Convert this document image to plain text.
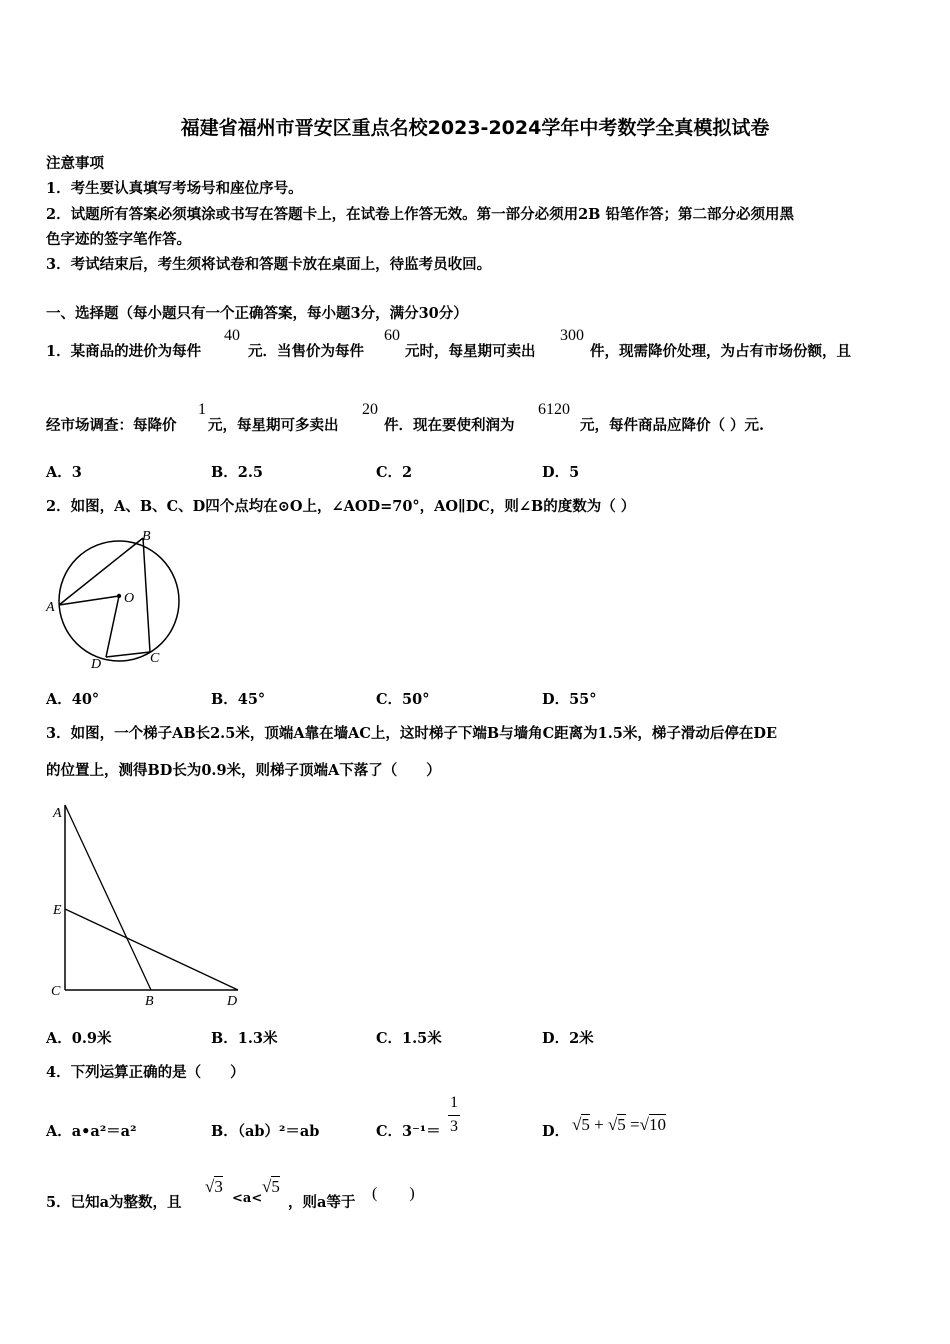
福建省福州市晋安区重点名校2023-2024学年中考数学全真模拟试卷
注意事项
1．考生要认真填写考场号和座位序号。
2．试题所有答案必须填涂或书写在答题卡上，在试卷上作答无效。第一部分必须用2B 铅笔作答；第二部分必须用黑
色字迹的签字笔作答。
3．考试结束后，考生须将试卷和答题卡放在桌面上，待监考员收回。
一、选择题（每小题只有一个正确答案，每小题3分，满分30分）
1．某商品的进价为每件
40
元．当售价为每件
60
元时，每星期可卖出
300
件，现需降价处理，为占有市场份额，且
经市场调查：每降价
1
元，每星期可多卖出
20
件．现在要使利润为
6120
元，每件商品应降价（ ）元.
A．3	B．2.5	C．2	D．5
2．如图，A、B、C、D四个点均在⊙O上，∠AOD=70°，AO∥DC，则∠B的度数为（ ）
A
B
C
D
O
A．40°	B．45°	C．50°	D．55°
3．如图，一个梯子AB长2.5米，顶端A靠在墙AC上，这时梯子下端B与墙角C距离为1.5米，梯子滑动后停在DE
的位置上，测得BD长为0.9米，则梯子顶端A下落了（　　）
A
E
C
B	D
A．0.9米	B．1.3米	C．1.5米	D．2米
4．下列运算正确的是（　　）
A．a•a²＝a²	B．（ab）²＝ab	C．3⁻¹＝
1
3	D． √5 + √5 =√10
5．已知a为整数，且
√3
<a<
√5
，则a等于
(　　)
